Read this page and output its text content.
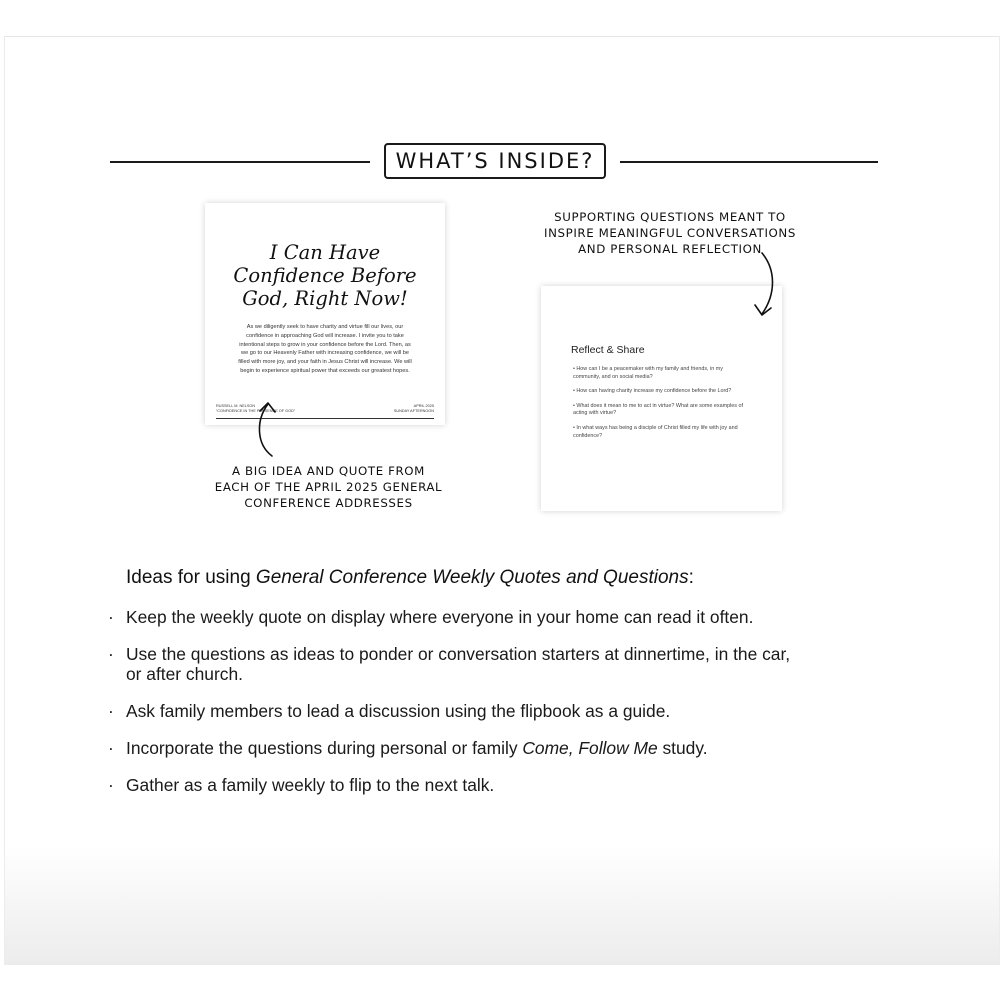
WHAT’S INSIDE?
I Can Have
Confidence Before
God, Right Now!
As we diligently seek to have charity and virtue fill our lives, our
confidence in approaching God will increase. I invite you to take
intentional steps to grow in your confidence before the Lord. Then, as
we go to our Heavenly Father with increasing confidence, we will be
filled with more joy, and your faith in Jesus Christ will increase. We will
begin to experience spiritual power that exceeds our greatest hopes.
RUSSELL M. NELSON
“CONFIDENCE IN THE PRESENCE OF GOD”
APRIL 2025
SUNDAY AFTERNOON
Reflect & Share
• How can I be a peacemaker with my family and friends, in my
community, and on social media?
• How can having charity increase my confidence before the Lord?
• What does it mean to me to act in virtue? What are some examples of
acting with virtue?
• In what ways has being a disciple of Christ filled my life with joy and
confidence?
SUPPORTING QUESTIONS MEANT TO
INSPIRE MEANINGFUL CONVERSATIONS
AND PERSONAL REFLECTION
A BIG IDEA AND QUOTE FROM
EACH OF THE APRIL 2025 GENERAL
CONFERENCE ADDRESSES
Ideas for using General Conference Weekly Quotes and Questions:
· Keep the weekly quote on display where everyone in your home can read it often.
· Use the questions as ideas to ponder or conversation starters at dinnertime, in the car,
or after church.
· Ask family members to lead a discussion using the flipbook as a guide.
· Incorporate the questions during personal or family Come, Follow Me study.
· Gather as a family weekly to flip to the next talk.
